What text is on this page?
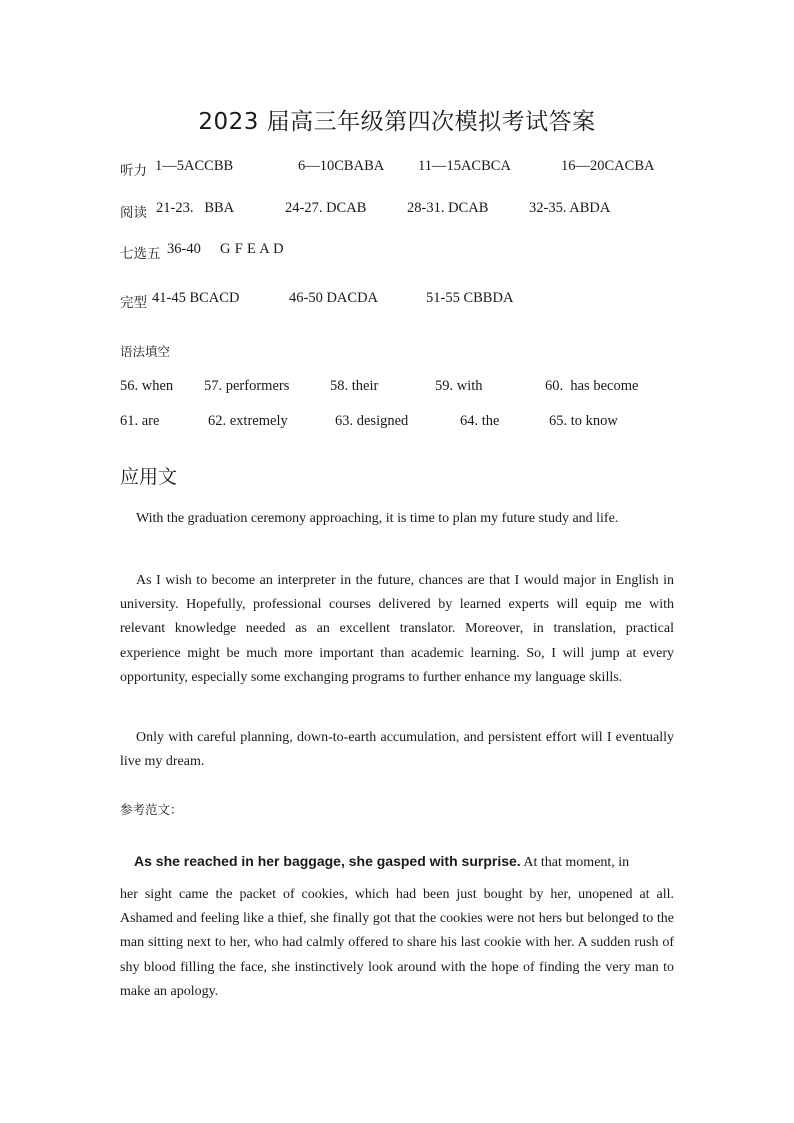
2023 届高三年级第四次模拟考试答案
听力 1—5ACCBB	6—10CBABA 11—15ACBCA	16—20CACBA
阅读 21-23.   BBA	24-27. DCAB	28-31. DCAB	32-35. ABDA
七选五 36-40 G F E A D
完型 41-45 BCACD	46-50 DACDA	51-55 CBBDA
语法填空
56. when 57. performers	58. their	59. with	60.  has become
61. are	62. extremely	63. designed	64. the	65. to know
应用文

With the graduation ceremony approaching, it is time to plan my future study and life.

As I wish to become an interpreter in the future, chances are that I would major in English in university. Hopefully, professional courses delivered by learned experts will equip me with relevant knowledge needed as an excellent translator. Moreover, in translation, practical experience might be much more important than academic learning. So, I will jump at every opportunity, especially some exchanging programs to further enhance my language skills.

Only with careful planning, down-to-earth accumulation, and persistent effort will I eventually live my dream.

参考范文：
As she reached in her baggage, she gasped with surprise. At that moment, in

her sight came the packet of cookies, which had been just bought by her, unopened at all. Ashamed and feeling like a thief, she finally got that the cookies were not hers but belonged to the man sitting next to her, who had calmly offered to share his last cookie with her. A sudden rush of shy blood filling the face, she instinctively look around with the hope of finding the very man to make an apology.
